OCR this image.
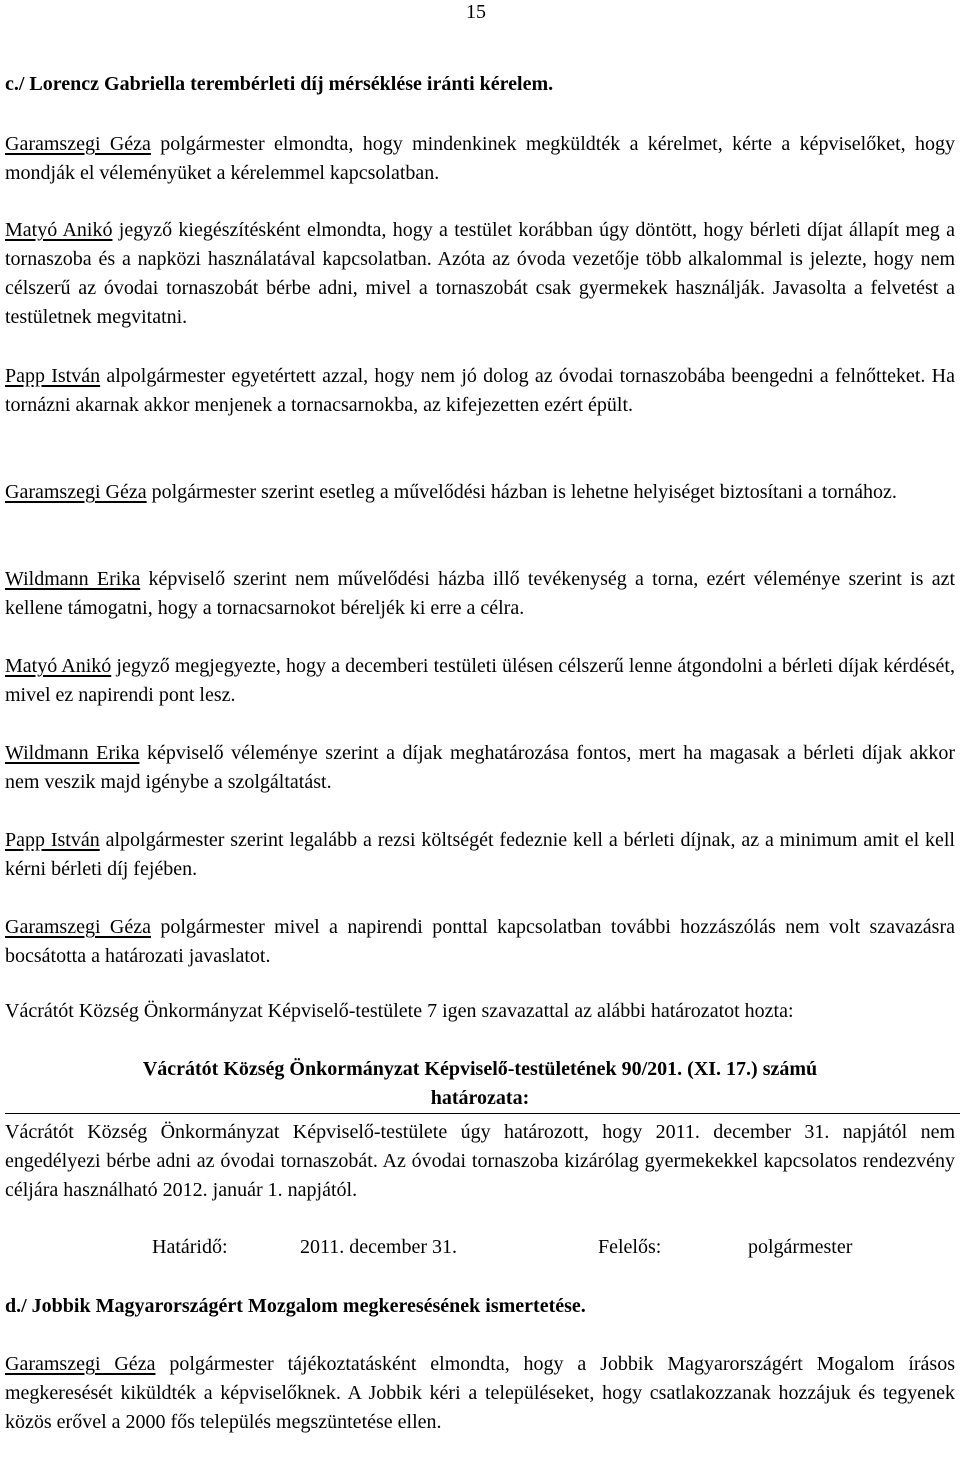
15
c./ Lorencz Gabriella terembérleti díj mérséklése iránti kérelem.
Garamszegi Géza polgármester elmondta, hogy mindenkinek megküldték a kérelmet, kérte a képviselőket, hogy mondják el véleményüket a kérelemmel kapcsolatban.
Matyó Anikó jegyző kiegészítésként elmondta, hogy a testület korábban úgy döntött, hogy bérleti díjat állapít meg a tornaszoba és a napközi használatával kapcsolatban. Azóta az óvoda vezetője több alkalommal is jelezte, hogy nem célszerű az óvodai tornaszobát bérbe adni, mivel a tornaszobát csak gyermekek használják. Javasolta a felvetést a testületnek megvitatni.
Papp István alpolgármester egyetértett azzal, hogy nem jó dolog az óvodai tornaszobába beengedni a felnőtteket. Ha tornázni akarnak akkor menjenek a tornacsarnokba, az kifejezetten ezért épült.
Garamszegi Géza polgármester szerint esetleg a művelődési házban is lehetne helyiséget biztosítani a tornához.
Wildmann Erika képviselő szerint nem művelődési házba illő tevékenység a torna, ezért véleménye szerint is azt kellene támogatni, hogy a tornacsarnokot béreljék ki erre a célra.
Matyó Anikó jegyző megjegyezte, hogy a decemberi testületi ülésen célszerű lenne átgondolni a bérleti díjak kérdését, mivel ez napirendi pont lesz.
Wildmann Erika képviselő véleménye szerint a díjak meghatározása fontos, mert ha magasak a bérleti díjak akkor nem veszik majd igénybe a szolgáltatást.
Papp István alpolgármester szerint legalább a rezsi költségét fedeznie kell a bérleti díjnak, az a minimum amit el kell kérni bérleti díj fejében.
Garamszegi Géza polgármester mivel a napirendi ponttal kapcsolatban további hozzászólás nem volt szavazásra bocsátotta a határozati javaslatot.
Vácrátót Község Önkormányzat Képviselő-testülete 7 igen szavazattal az alábbi határozatot hozta:
Vácrátót Község Önkormányzat Képviselő-testületének 90/201. (XI. 17.) számú
határozata:
Vácrátót Község Önkormányzat Képviselő-testülete úgy határozott, hogy 2011. december 31. napjától nem engedélyezi bérbe adni az óvodai tornaszobát. Az óvodai tornaszoba kizárólag gyermekekkel kapcsolatos rendezvény céljára használható 2012. január 1. napjától.
Határidő:	2011. december 31.	Felelős:	polgármester
d./ Jobbik Magyarországért Mozgalom megkeresésének ismertetése.
Garamszegi Géza polgármester tájékoztatásként elmondta, hogy a Jobbik Magyarországért Mogalom írásos megkeresését kiküldték a képviselőknek. A Jobbik kéri a településeket, hogy csatlakozzanak hozzájuk és tegyenek közös erővel a 2000 fős település megszüntetése ellen.
